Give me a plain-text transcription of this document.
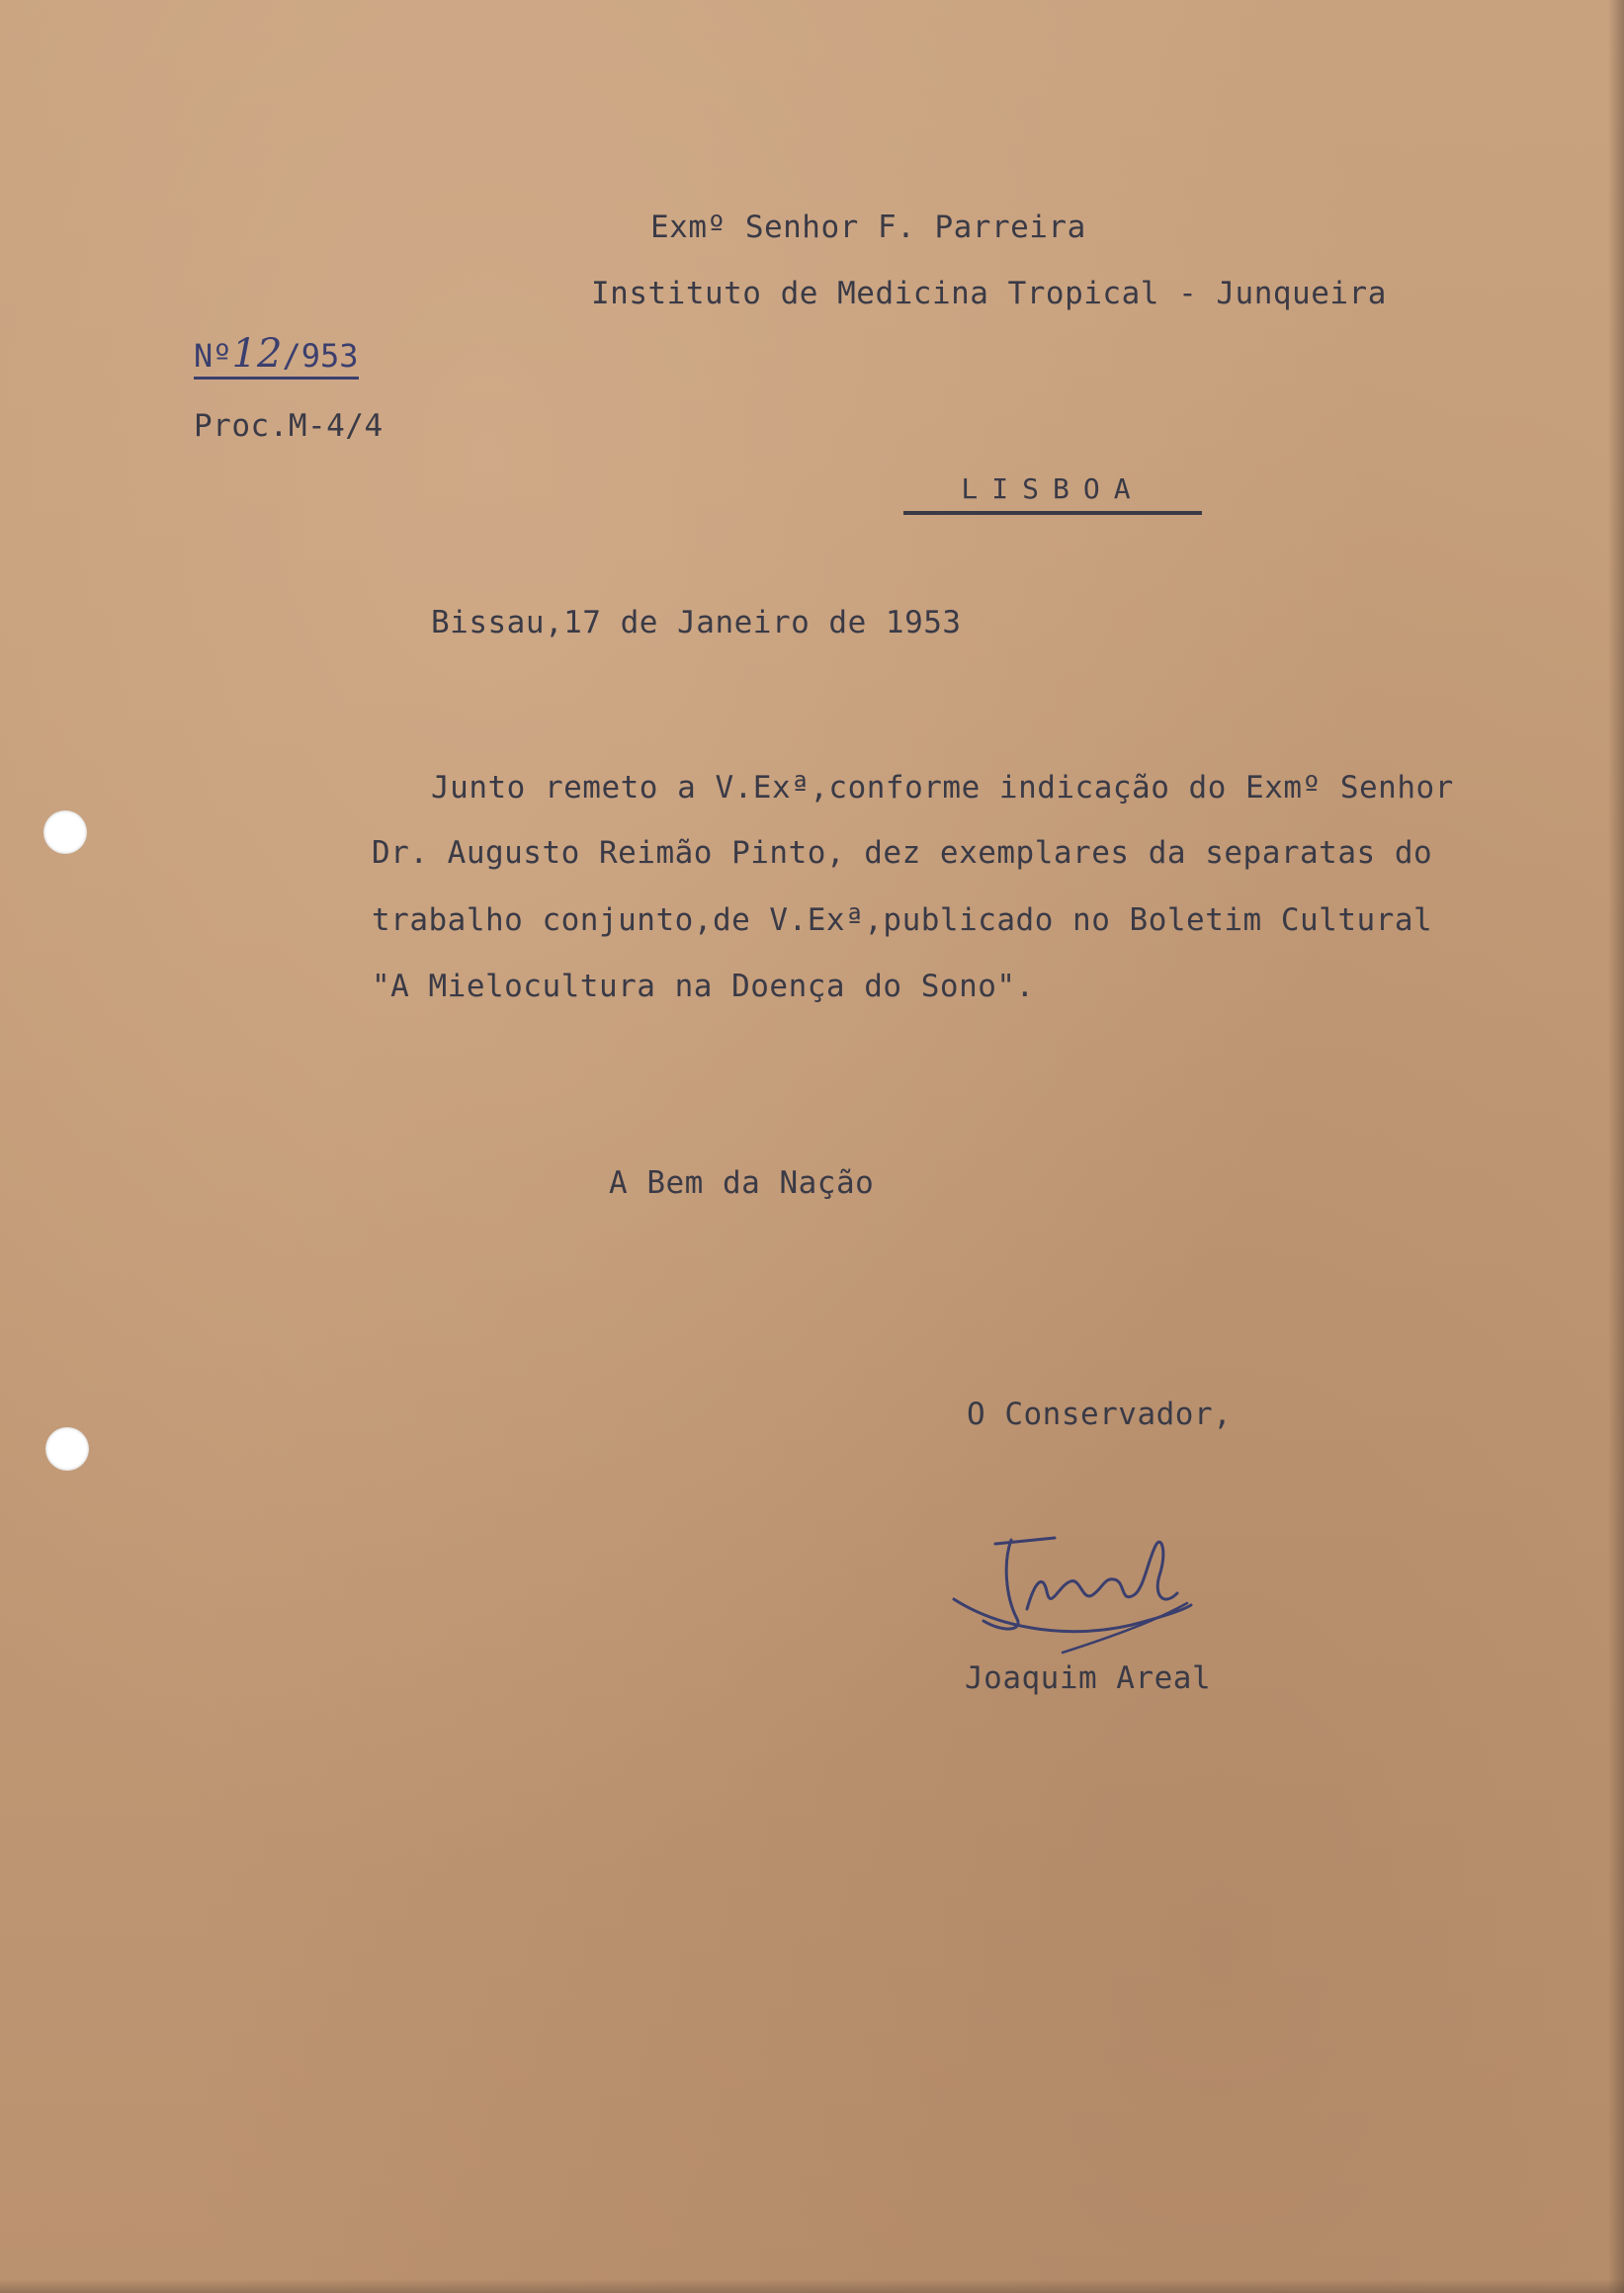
Exmº Senhor F. Parreira
Instituto de Medicina Tropical - Junqueira
Nº12/953
Proc.M-4/4
LISBOA
Bissau,17 de Janeiro de 1953
Junto remeto a V.Exª,conforme indicação do Exmº Senhor
Dr. Augusto Reimão Pinto, dez exemplares da separatas do
trabalho conjunto,de V.Exª,publicado no Boletim Cultural
"A Mielocultura na Doença do Sono".
A Bem da Nação
O Conservador,
Joaquim Areal
